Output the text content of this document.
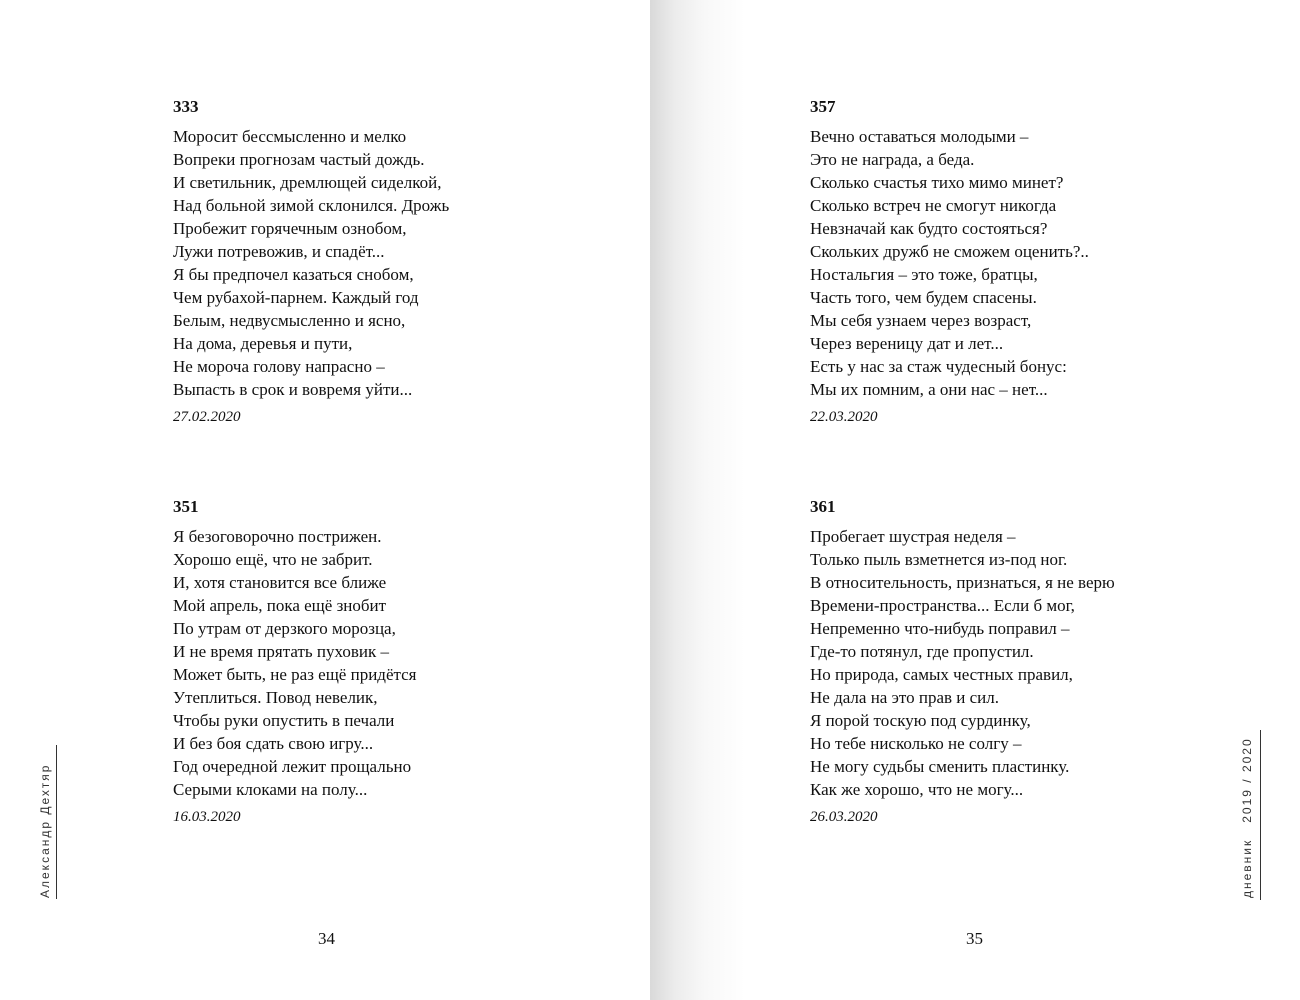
333
Моросит бессмысленно и мелко
Вопреки прогнозам частый дождь.
И светильник, дремлющей сиделкой,
Над больной зимой склонился. Дрожь
Пробежит горячечным ознобом,
Лужи потревожив, и спадёт...
Я бы предпочел казаться снобом,
Чем рубахой-парнем. Каждый год
Белым, недвусмысленно и ясно,
На дома, деревья и пути,
Не мороча голову напрасно –
Выпасть в срок и вовремя уйти...
27.02.2020
351
Я безоговорочно пострижен.
Хорошо ещё, что не забрит.
И, хотя становится все ближе
Мой апрель, пока ещё знобит
По утрам от дерзкого морозца,
И не время прятать пуховик –
Может быть, не раз ещё придётся
Утеплиться. Повод невелик,
Чтобы руки опустить в печали
И без боя сдать свою игру...
Год очередной лежит прощально
Серыми клоками на полу...
16.03.2020
Александр Дехтяр
34
357
Вечно оставаться молодыми –
Это не награда, а беда.
Сколько счастья тихо мимо минет?
Сколько встреч не смогут никогда
Невзначай как будто состояться?
Скольких дружб не сможем оценить?..
Ностальгия – это тоже, братцы,
Часть того, чем будем спасены.
Мы себя узнаем через возраст,
Через вереницу дат и лет...
Есть у нас за стаж чудесный бонус:
Мы их помним, а они нас – нет...
22.03.2020
361
Пробегает шустрая неделя –
Только пыль взметнется из-под ног.
В относительность, признаться, я не верю
Времени-пространства... Если б мог,
Непременно что-нибудь поправил –
Где-то потянул, где пропустил.
Но природа, самых честных правил,
Не дала на это прав и сил.
Я порой тоскую под сурдинку,
Но тебе нисколько не солгу –
Не могу судьбы сменить пластинку.
Как же хорошо, что не могу...
26.03.2020	дневник   2019 / 2020
35
